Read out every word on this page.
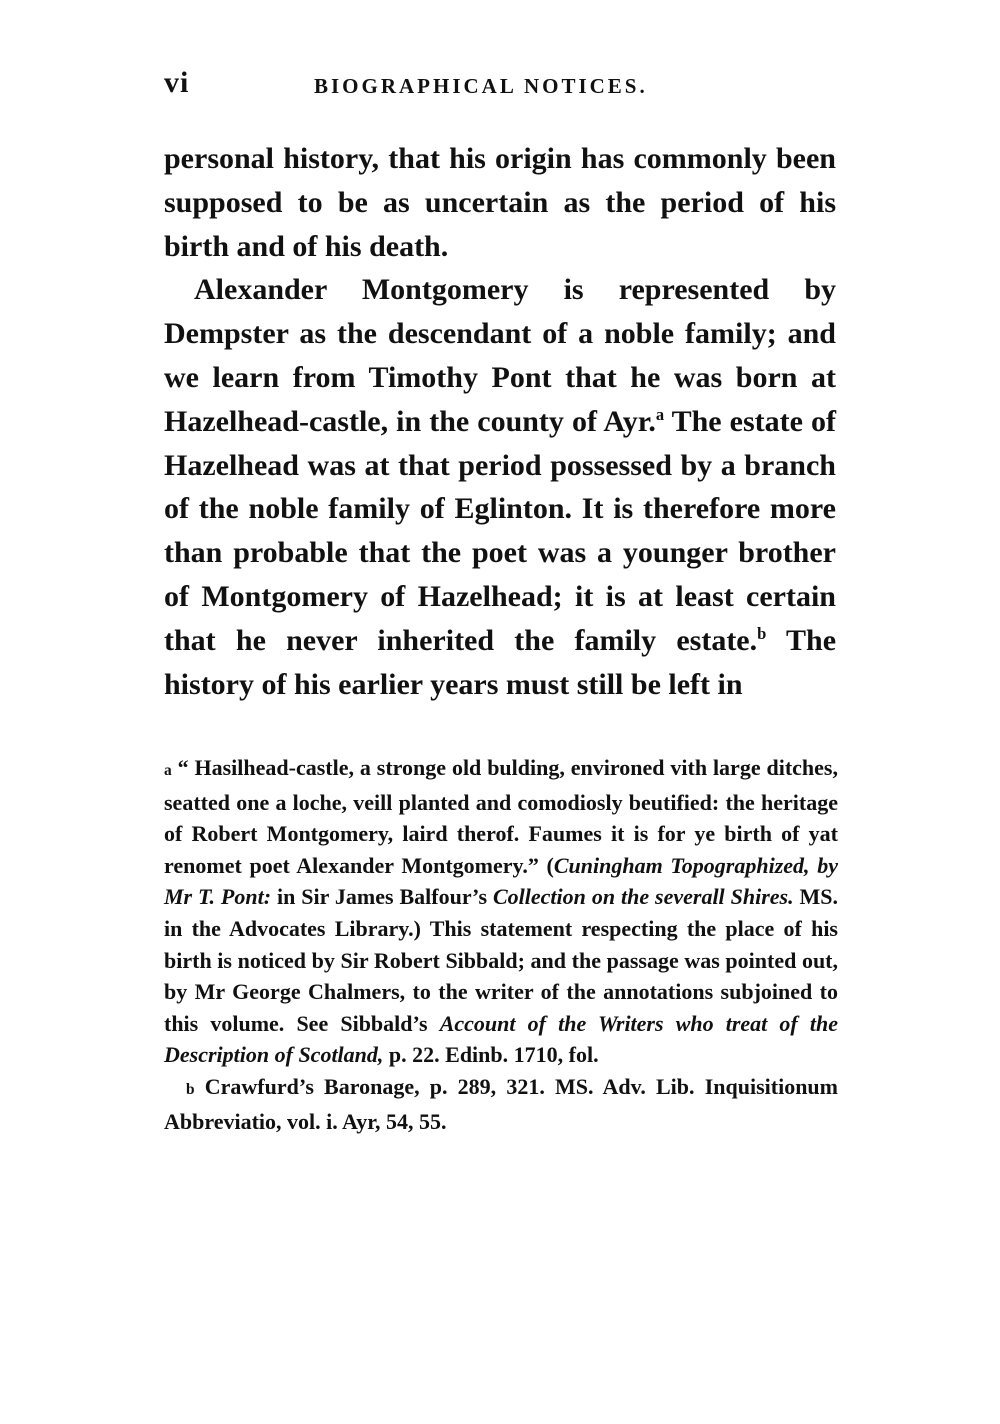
vi	BIOGRAPHICAL NOTICES.

personal history, that his origin has commonly been supposed to be as uncertain as the period of his birth and of his death.

Alexander Montgomery is represented by Dempster as the descendant of a noble family; and we learn from Timothy Pont that he was born at Hazelhead-castle, in the county of Ayr.$^a$ The estate of Hazelhead was at that period possessed by a branch of the noble family of Eglinton. It is therefore more than probable that the poet was a younger brother of Montgomery of Hazelhead; it is at least certain that he never inherited the family estate.$^b$ The history of his earlier years must still be left in

a “ Hasilhead-castle, a stronge old bulding, environed vith large ditches, seatted one a loche, veill planted and comodiosly beutified: the heritage of Robert Montgomery, laird therof. Faumes it is for ye birth of yat renomet poet Alexander Montgomery.” (Cuningham Topographized, by Mr T. Pont: in Sir James Balfour’s Collection on the severall Shires. MS. in the Advocates Library.) This statement respecting the place of his birth is noticed by Sir Robert Sibbald; and the passage was pointed out, by Mr George Chalmers, to the writer of the annotations subjoined to this volume. See Sibbald’s Account of the Writers who treat of the Description of Scotland, p. 22. Edinb. 1710, fol.

b Crawfurd’s Baronage, p. 289, 321. MS. Adv. Lib. Inquisitionum Abbreviatio, vol. i. Ayr, 54, 55.
